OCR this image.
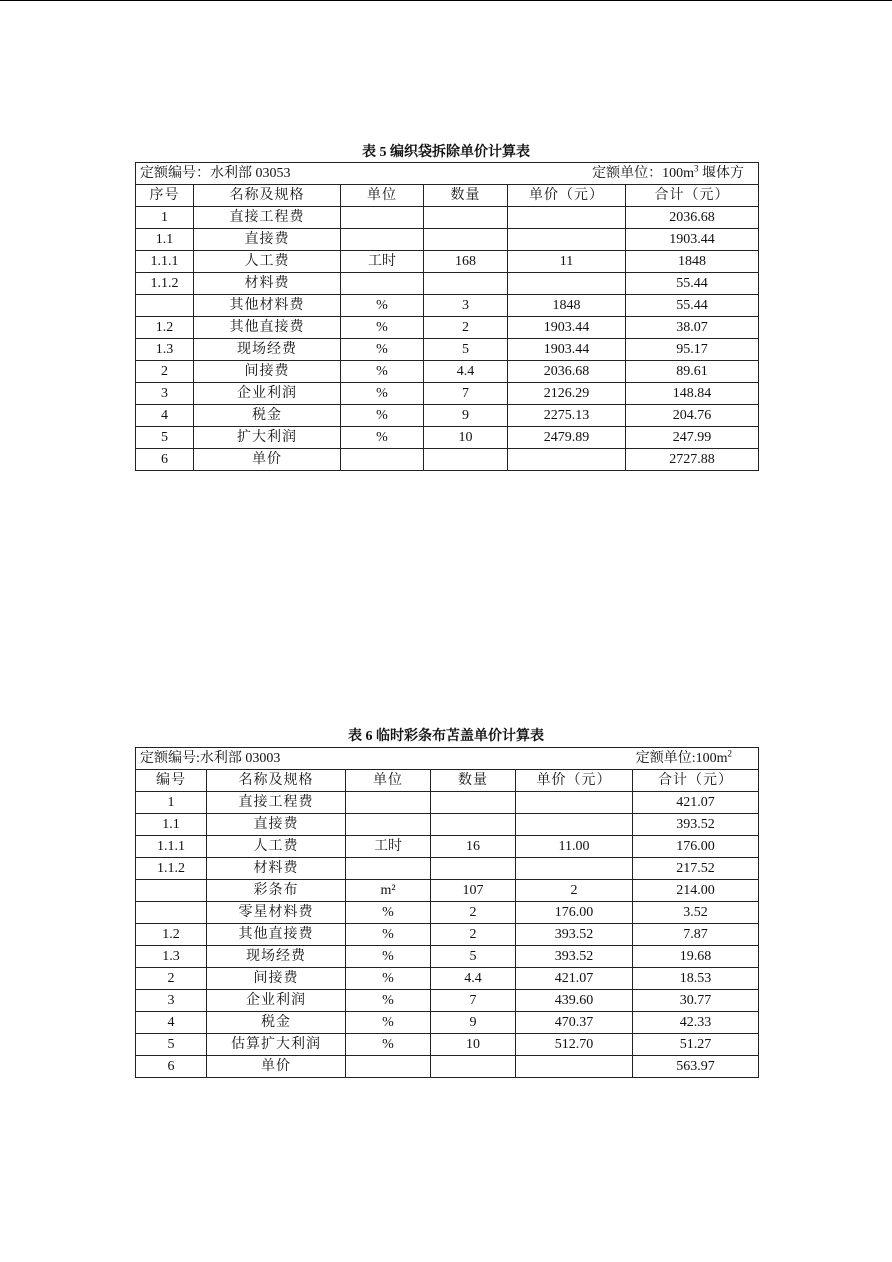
表 5 编织袋拆除单价计算表
定额编号：水利部 03053 定额单位：$100m^3$ 堰体方					

序号	名称及规格	单位	数量	单价（元）	合计（元）
1	直接工程费				2036.68
1.1	直接费				1903.44
1.1.1	人工费	工时	168	11	1848
1.1.2	材料费				55.44
	其他材料费	%	3	1848	55.44
1.2	其他直接费	%	2	1903.44	38.07
1.3	现场经费	%	5	1903.44	95.17
2	间接费	%	4.4	2036.68	89.61
3	企业利润	%	7	2126.29	148.84
4	税金	%	9	2275.13	204.76
5	扩大利润	%	10	2479.89	247.99
6	单价				2727.88
表 6 临时彩条布苫盖单价计算表
定额编号:水利部 03003 定额单位$:100m^2$

编号	名称及规格	单位	数量	单价（元）	合计（元）
1	直接工程费				421.07
1.1	直接费				393.52
1.1.1	人工费	工时	16	11.00	176.00
1.1.2	材料费				217.52
	彩条布	m²	107	2	214.00
	零星材料费	%	2	176.00	3.52
1.2	其他直接费	%	2	393.52	7.87
1.3	现场经费	%	5	393.52	19.68
2	间接费	%	4.4	421.07	18.53
3	企业利润	%	7	439.60	30.77
4	税金	%	9	470.37	42.33
5	估算扩大利润	%	10	512.70	51.27
6	单价				563.97
